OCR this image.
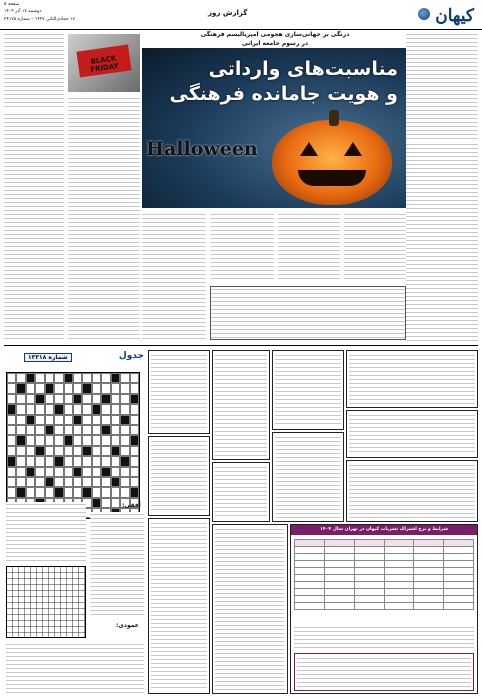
کیهان
گزارش روز
صفحه ۵
دوشنبه ۱۷ آذر ۱۴۰۴
۱۷ جمادی‌الثانی ۱۴۴۷ – شماره ۲۴۱۷۵
BLACK FRIDAY
درنگی بر جهانی‌سازی هجومی امپریالیسم فرهنگی
در رسوم جامعه ایرانی
مناسبت‌های وارداتی
و هویت جامانده فرهنگی
Halloween
جدول
شماره ۱۳۳۱۸
افقی:
عمودی:
شرایط و نرخ اشتراک نشریات کیهان در تهران سال ۱۴۰۴
